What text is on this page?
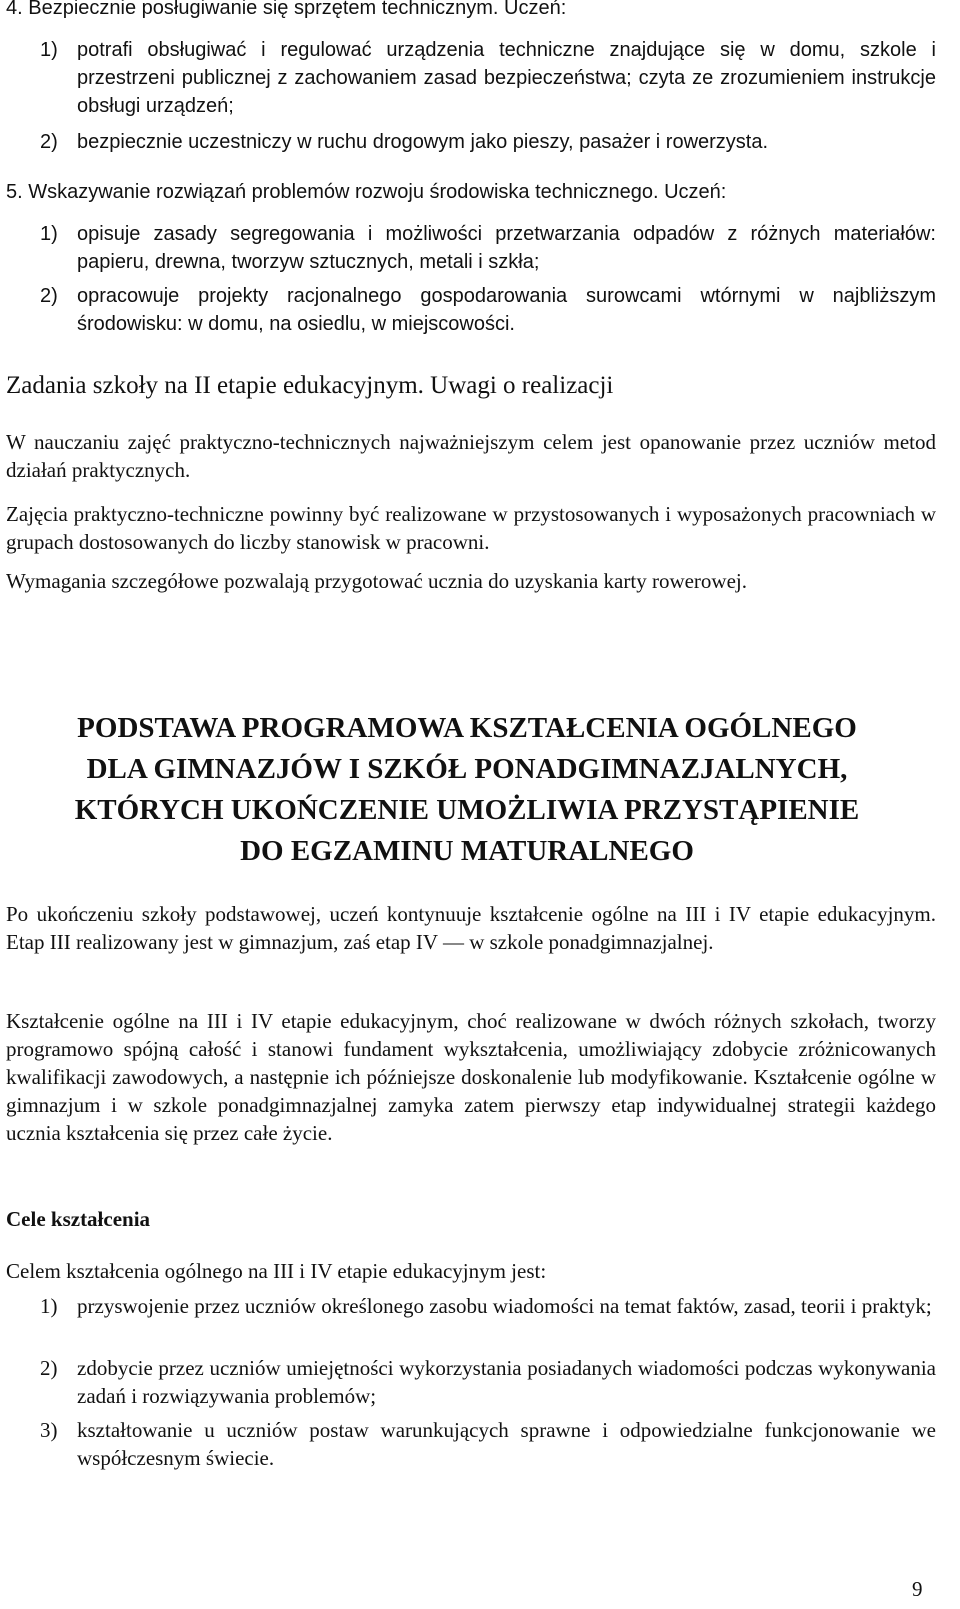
4. Bezpiecznie posługiwanie się sprzętem technicznym. Uczeń:
1) potrafi obsługiwać i regulować urządzenia techniczne znajdujące się w domu, szkole i przestrzeni publicznej z zachowaniem zasad bezpieczeństwa; czyta ze zrozumieniem instrukcje obsługi urządzeń;
2) bezpiecznie uczestniczy w ruchu drogowym jako pieszy, pasażer i rowerzysta.
5. Wskazywanie rozwiązań problemów rozwoju środowiska technicznego. Uczeń:
1) opisuje zasady segregowania i możliwości przetwarzania odpadów z różnych materiałów: papieru, drewna, tworzyw sztucznych, metali i szkła;
2) opracowuje projekty racjonalnego gospodarowania surowcami wtórnymi w najbliższym środowisku: w domu, na osiedlu, w miejscowości.
Zadania szkoły na II etapie edukacyjnym. Uwagi o realizacji
W nauczaniu zajęć praktyczno-technicznych najważniejszym celem jest opanowanie przez uczniów metod działań praktycznych.
Zajęcia praktyczno-techniczne powinny być realizowane w przystosowanych i wyposażonych pracowniach w grupach dostosowanych do liczby stanowisk w pracowni.
Wymagania szczegółowe pozwalają przygotować ucznia do uzyskania karty rowerowej.
PODSTAWA PROGRAMOWA KSZTAŁCENIA OGÓLNEGO
DLA GIMNAZJÓW I SZKÓŁ PONADGIMNAZJALNYCH,
KTÓRYCH UKOŃCZENIE UMOŻLIWIA PRZYSTĄPIENIE
DO EGZAMINU MATURALNEGO
Po ukończeniu szkoły podstawowej, uczeń kontynuuje kształcenie ogólne na III i IV etapie edukacyjnym. Etap III realizowany jest w gimnazjum, zaś etap IV — w szkole ponadgimnazjalnej.
Kształcenie ogólne na III i IV etapie edukacyjnym, choć realizowane w dwóch różnych szkołach, tworzy programowo spójną całość i stanowi fundament wykształcenia, umożliwiający zdobycie zróżnicowanych kwalifikacji zawodowych, a następnie ich późniejsze doskonalenie lub modyfikowanie. Kształcenie ogólne w gimnazjum i w szkole ponadgimnazjalnej zamyka zatem pierwszy etap indywidualnej strategii każdego ucznia kształcenia się przez całe życie.
Cele kształcenia
Celem kształcenia ogólnego na III i IV etapie edukacyjnym jest:
1) przyswojenie przez uczniów określonego zasobu wiadomości na temat faktów, zasad, teorii i praktyk;
2) zdobycie przez uczniów umiejętności wykorzystania posiadanych wiadomości podczas wykonywania zadań i rozwiązywania problemów;
3) kształtowanie u uczniów postaw warunkujących sprawne i odpowiedzialne funkcjonowanie we współczesnym świecie.
9
